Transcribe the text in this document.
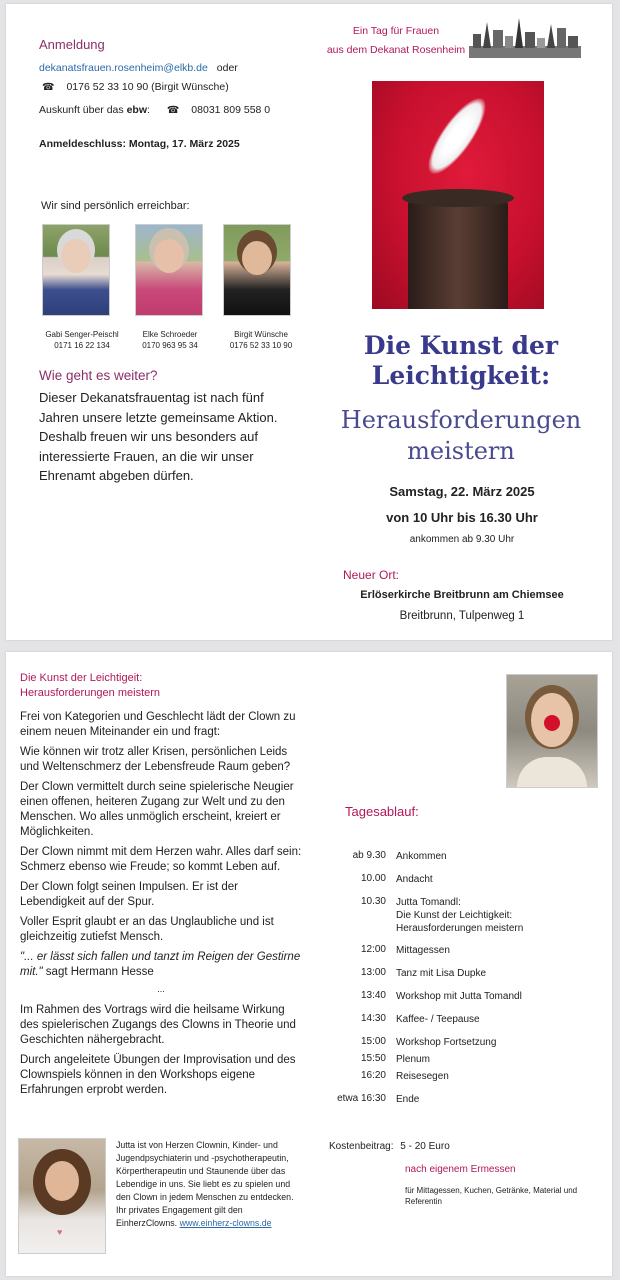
Anmeldung
dekanatsfrauen.rosenheim@elkb.de oder
☎ 0176 52 33 10 90 (Birgit Wünsche)
Auskunft über das ebw: ☎ 08031 809 558 0
Anmeldeschluss: Montag, 17. März 2025
Wir sind persönlich erreichbar:
Gabi Senger-Peischl
0171 16 22 134
Elke Schroeder
0170 963 95 34
Birgit Wünsche
0176 52 33 10 90
Wie geht es weiter?
Dieser Dekanatsfrauentag ist nach fünf Jahren unsere letzte gemeinsame Aktion. Deshalb freuen wir uns besonders auf interessierte Frauen, an die wir unser Ehrenamt abgeben dürfen.
Ein Tag für Frauen
aus dem Dekanat Rosenheim
Die Kunst der
Leichtigkeit:
Herausforderungen
meistern
Samstag, 22. März 2025
von 10 Uhr bis 16.30 Uhr
ankommen ab 9.30 Uhr
Neuer Ort:
Erlöserkirche Breitbrunn am Chiemsee
Breitbrunn, Tulpenweg 1
Die Kunst der Leichtigeit:
Herausforderungen meistern

Frei von Kategorien und Geschlecht lädt der Clown zu einem neuen Miteinander ein und fragt:

Wie können wir trotz aller Krisen, persönlichen Leids und Weltenschmerz der Lebensfreude Raum geben?

Der Clown vermittelt durch seine spielerische Neugier einen offenen, heiteren Zugang zur Welt und zu den Menschen. Wo alles unmöglich erscheint, kreiert er Möglichkeiten.

Der Clown nimmt mit dem Herzen wahr. Alles darf sein: Schmerz ebenso wie Freude; so kommt Leben auf.

Der Clown folgt seinen Impulsen. Er ist der Lebendigkeit auf der Spur.

Voller Esprit glaubt er an das Unglaubliche und ist gleichzeitig zutiefst Mensch.

"... er lässt sich fallen und tanzt im Reigen der Gestirne mit." sagt Hermann Hesse

...

Im Rahmen des Vortrags wird die heilsame Wirkung des spielerischen Zugangs des Clowns in Theorie und Geschichten nähergebracht.

Durch angeleitete Übungen der Improvisation und des Clownspiels können in den Workshops eigene Erfahrungen erprobt werden.

♥
Jutta ist von Herzen Clownin, Kinder- und Jugendpsychiaterin und -psychotherapeutin, Körpertherapeutin und Staunende über das Lebendige in uns. Sie liebt es zu spielen und den Clown in jedem Menschen zu entdecken. Ihr privates Engagement gilt den EinherzClowns. www.einherz-clowns.de
Tagesablauf:
ab 9.30 Ankommen
10.00 Andacht
10.30 Jutta Tomandl:
Die Kunst der Leichtigkeit:
Herausforderungen meistern
12:00 Mittagessen
13:00 Tanz mit Lisa Dupke
13:40 Workshop mit Jutta Tomandl
14:30 Kaffee- / Teepause
15:00 Workshop Fortsetzung
15:50 Plenum
16:20 Reisesegen
etwa 16:30 Ende
Kostenbeitrag: 5 - 20 Euro
nach eigenem Ermessen
für Mittagessen, Kuchen, Getränke, Material und Referentin
